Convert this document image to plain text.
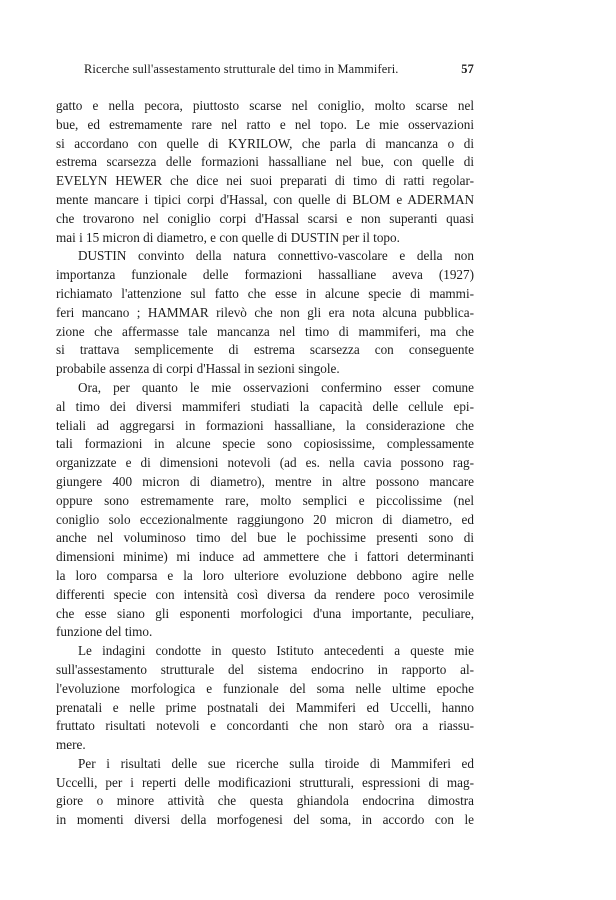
Ricerche sull'assestamento strutturale del timo in Mammiferi.	57
gatto e nella pecora, piuttosto scarse nel coniglio, molto scarse nel
bue, ed estremamente rare nel ratto e nel topo. Le mie osservazioni
si accordano con quelle di KYRILOW, che parla di mancanza o di
estrema scarsezza delle formazioni hassalliane nel bue, con quelle di
EVELYN HEWER che dice nei suoi preparati di timo di ratti regolar-
mente mancare i tipici corpi d'Hassal, con quelle di BLOM e ADERMAN
che trovarono nel coniglio corpi d'Hassal scarsi e non superanti quasi
mai i 15 micron di diametro, e con quelle di DUSTIN per il topo.
DUSTIN convinto della natura connettivo-vascolare e della non
importanza funzionale delle formazioni hassalliane aveva (1927)
richiamato l'attenzione sul fatto che esse in alcune specie di mammi-
feri mancano ; HAMMAR rilevò che non gli era nota alcuna pubblica-
zione che affermasse tale mancanza nel timo di mammiferi, ma che
si trattava semplicemente di estrema scarsezza con conseguente
probabile assenza di corpi d'Hassal in sezioni singole.
Ora, per quanto le mie osservazioni confermino esser comune
al timo dei diversi mammiferi studiati la capacità delle cellule epi-
teliali ad aggregarsi in formazioni hassalliane, la considerazione che
tali formazioni in alcune specie sono copiosissime, complessamente
organizzate e di dimensioni notevoli (ad es. nella cavia possono rag-
giungere 400 micron di diametro), mentre in altre possono mancare
oppure sono estremamente rare, molto semplici e piccolissime (nel
coniglio solo eccezionalmente raggiungono 20 micron di diametro, ed
anche nel voluminoso timo del bue le pochissime presenti sono di
dimensioni minime) mi induce ad ammettere che i fattori determinanti
la loro comparsa e la loro ulteriore evoluzione debbono agire nelle
differenti specie con intensità così diversa da rendere poco verosimile
che esse siano gli esponenti morfologici d'una importante, peculiare,
funzione del timo.
Le indagini condotte in questo Istituto antecedenti a queste mie
sull'assestamento strutturale del sistema endocrino in rapporto al-
l'evoluzione morfologica e funzionale del soma nelle ultime epoche
prenatali e nelle prime postnatali dei Mammiferi ed Uccelli, hanno
fruttato risultati notevoli e concordanti che non starò ora a riassu-
mere.
Per i risultati delle sue ricerche sulla tiroide di Mammiferi ed
Uccelli, per i reperti delle modificazioni strutturali, espressioni di mag-
giore o minore attività che questa ghiandola endocrina dimostra
in momenti diversi della morfogenesi del soma, in accordo con le
